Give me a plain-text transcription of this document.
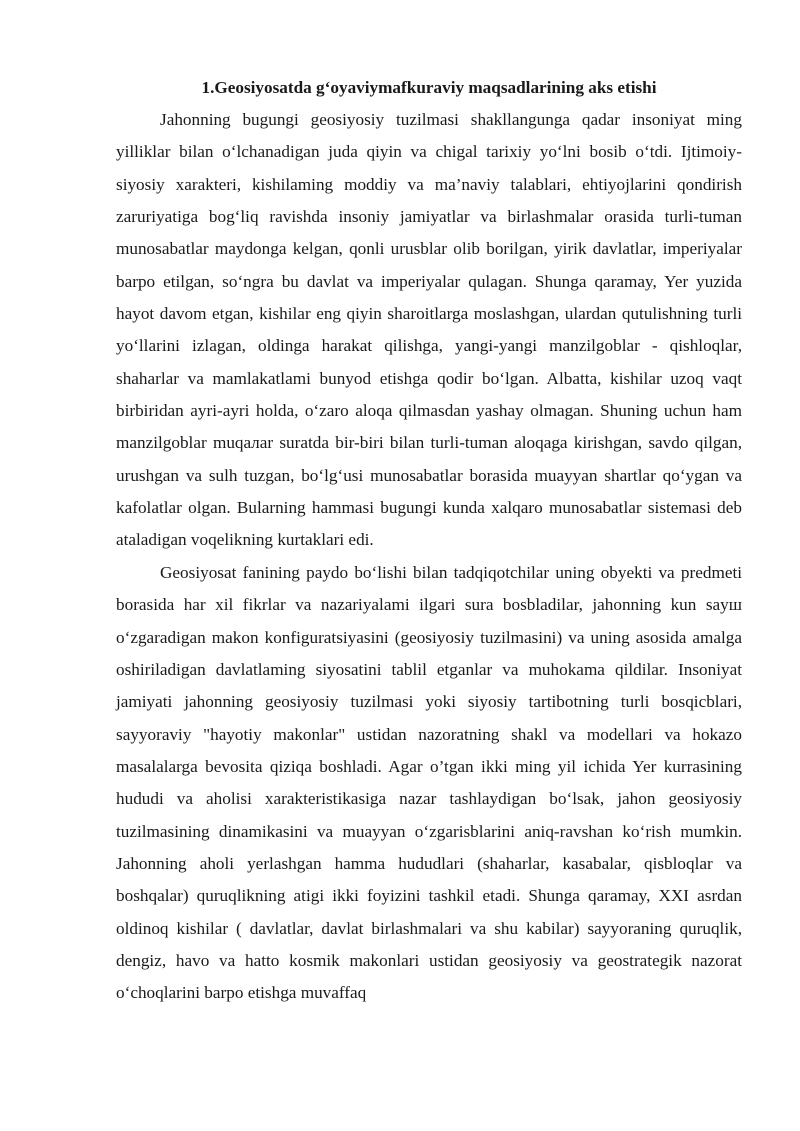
1.Geosiyosatda g‘oyaviymafkuraviy maqsadlarining aks etishi

Jahonning bugungi geosiyosiy tuzilmasi shakllangunga qadar insoniyat ming yilliklar bilan o‘lchanadigan juda qiyin va chigal tarixiy yo‘lni bosib o‘tdi. Ijtimoiy-siyosiy xarakteri, kishilaming moddiy va ma’naviy talablari, ehtiyojlarini qondirish zaruriyatiga bog‘liq ravishda insoniy jamiyatlar va birlashmalar orasida turli-tuman munosabatlar maydonga kelgan, qonli urusblar olib borilgan, yirik davlatlar, imperiyalar barpo etilgan, so‘ngra bu davlat va imperiyalar qulagan. Shunga qaramay, Yer yuzida hayot davom etgan, kishilar eng qiyin sharoitlarga moslashgan, ulardan qutulishning turli yo‘llarini izlagan, oldinga harakat qilishga, yangi-yangi manzilgoblar - qishloqlar, shaharlar va mamlakatlami bunyod etishga qodir bo‘lgan. Albatta, kishilar uzoq vaqt birbiridan ayri-ayri holda, o‘zaro aloqa qilmasdan yashay olmagan. Shuning uchun ham manzilgoblar muqaлar suratda bir-biri bilan turli-tuman aloqaga kirishgan, savdo qilgan, urushgan va sulh tuzgan, bo‘lg‘usi munosabatlar borasida muayyan shartlar qo‘ygan va kafolatlar olgan. Bularning hammasi bugungi kunda xalqaro munosabatlar sistemasi deb ataladigan voqelikning kurtaklari edi.

Geosiyosat fanining paydo bo‘lishi bilan tadqiqotchilar uning obyekti va predmeti borasida har xil fikrlar va nazariyalami ilgari sura bosbladilar, jahonning kun sayш o‘zgaradigan makon konfiguratsiyasini (geosiyosiy tuzilmasini) va uning asosida amalga oshiriladigan davlatlaming siyosatini tablil etganlar va muhokama qildilar. Insoniyat jamiyati jahonning geosiyosiy tuzilmasi yoki siyosiy tartibotning turli bosqicblari, sayyoraviy "hayotiy makonlar" ustidan nazoratning shakl va modellari va hokazo masalalarga bevosita qiziqa boshladi. Agar o’tgan ikki ming yil ichida Yer kurrasining hududi va aholisi xarakteristikasiga nazar tashlaydigan bo‘lsak, jahon geosiyosiy tuzilmasining dinamikasini va muayyan o‘zgarisblarini aniq-ravshan ko‘rish mumkin. Jahonning aholi yerlashgan hamma hududlari (shaharlar, kasabalar, qisbloqlar va boshqalar) quruqlikning atigi ikki foyizini tashkil etadi. Shunga qaramay, XXI asrdan oldinoq kishilar ( davlatlar, davlat birlashmalari va shu kabilar) sayyoraning quruqlik, dengiz, havo va hatto kosmik makonlari ustidan geosiyosiy va geostrategik nazorat o‘choqlarini barpo etishga muvaffaq
